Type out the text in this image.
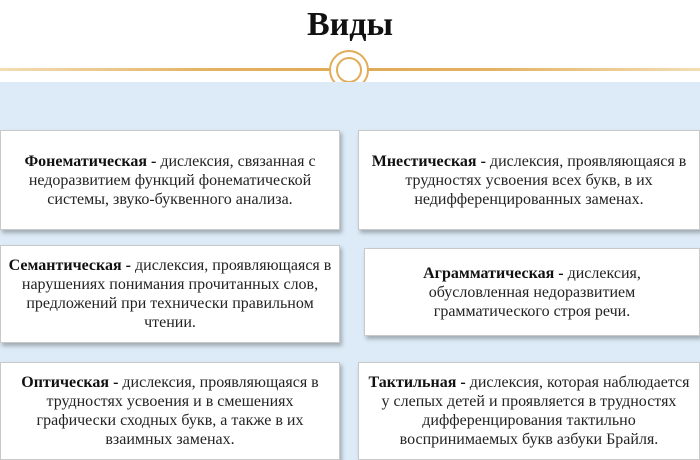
Виды
Фонематическая - дислексия, связанная с недоразвитием функций фонематической системы, звуко-буквенного анализа.
Мнестическая - дислексия, проявляющаяся в трудностях усвоения всех букв, в их недифференцированных заменах.
Семантическая - дислексия, проявляющаяся в нарушениях понимания прочитанных слов, предложений при технически правильном чтении.
Аграмматическая - дислексия, обусловленная недоразвитием грамматического строя речи.
Оптическая - дислексия, проявляющаяся в трудностях усвоения и в смешениях графически сходных букв, а также в их взаимных заменах.
Тактильная - дислексия, которая наблюдается у слепых детей и проявляется в трудностях дифференцирования тактильно воспринимаемых букв азбуки Брайля.
